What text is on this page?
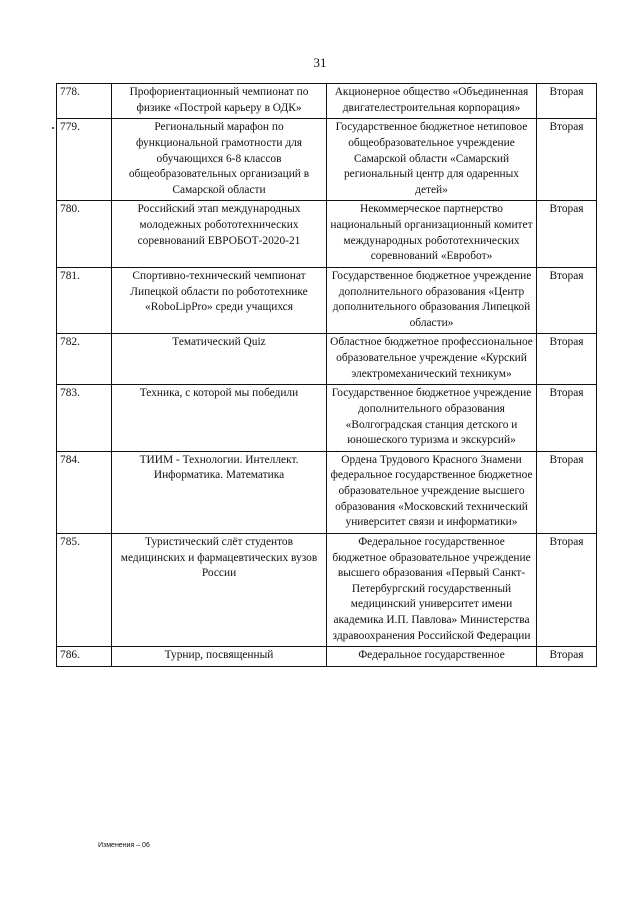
31
778.	Профориентационный чемпионат по физике «Построй карьеру в ОДК»	Акционерное общество «Объединенная двигателестроительная корпорация»	Вторая
779.	Региональный марафон по функциональной грамотности для обучающихся 6-8 классов общеобразовательных организаций в Самарской области	Государственное бюджетное нетиповое общеобразовательное учреждение Самарской области «Самарский региональный центр для одаренных детей»	Вторая
780.	Российский этап международных молодежных робототехнических соревнований ЕВРОБОТ-2020-21	Некоммерческое партнерство национальный организационный комитет международных робототехнических соревнований «Евробот»	Вторая
781.	Спортивно-технический чемпионат Липецкой области по робототехнике «RoboLipPro» среди учащихся	Государственное бюджетное учреждение дополнительного образования «Центр дополнительного образования Липецкой области»	Вторая
782.	Тематический Quiz	Областное бюджетное профессиональное образовательное учреждение «Курский электромеханический техникум»	Вторая
783.	Техника, с которой мы победили	Государственное бюджетное учреждение дополнительного образования «Волгоградская станция детского и юношеского туризма и экскурсий»	Вторая
784.	ТИИМ - Технологии. Интеллект. Информатика. Математика	Ордена Трудового Красного Знамени федеральное государственное бюджетное образовательное учреждение высшего образования «Московский технический университет связи и информатики»	Вторая
785.	Туристический слёт студентов медицинских и фармацевтических вузов России	Федеральное государственное бюджетное образовательное учреждение высшего образования «Первый Санкт-Петербургский государственный медицинский университет имени академика И.П. Павлова» Министерства здравоохранения Российской Федерации	Вторая
786.	Турнир, посвященный	Федеральное государственное	Вторая
Изменения – 06
